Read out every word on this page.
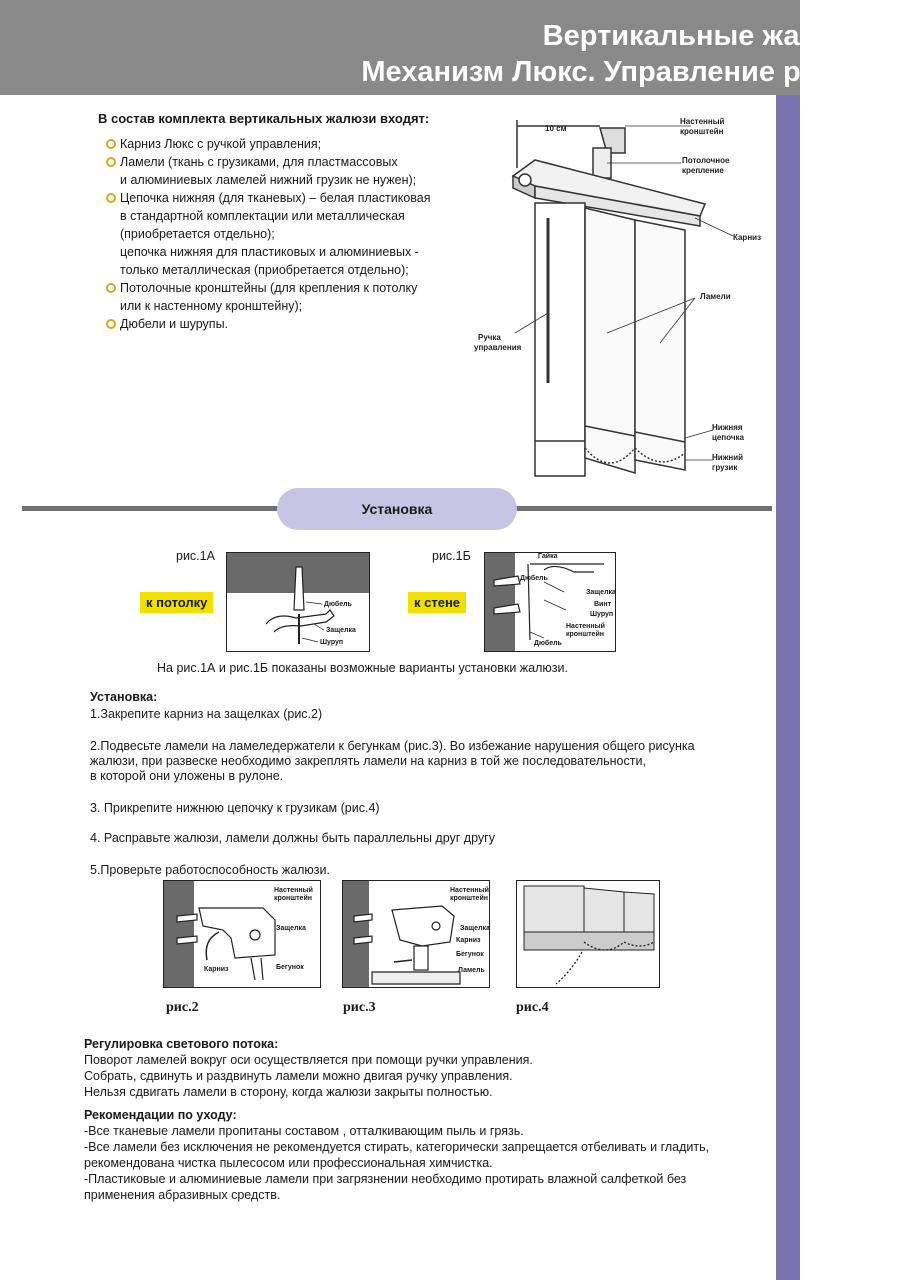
Вертикальные жалюзи.
Механизм Люкс. Управление ручкой
В состав комплекта вертикальных жалюзи входят:
Карниз Люкс с ручкой управления;
Ламели (ткань с грузиками, для пластмассовых
и алюминиевых ламелей нижний грузик не нужен);
Цепочка нижняя (для тканевых) – белая пластиковая
в стандартной комплектации или металлическая
(приобретается отдельно);
цепочка нижняя для пластиковых и алюминиевых -
только металлическая (приобретается отдельно);
Потолочные кронштейны (для крепления к потолку
или к настенному кронштейну);
Дюбели и шурупы.
10 см
Настенный
кронштейн
Потолочное
крепление
Карниз
Ламели
Ручка
управления
Нижняя
цепочка
Нижний
грузик
Установка
рис.1А
Дюбель
Защелка
Шуруп
к потолку
рис.1Б	Гайка
Дюбель
Защелка
Винт
Шуруп
Настенный
кронштейн
Дюбель
к стене
На рис.1А и рис.1Б показаны возможные варианты установки жалюзи.
Установка:
1.Закрепите карниз на защелках (рис.2)
2.Подвесьте ламели на ламеледержатели к бегункам (рис.3). Во избежание нарушения общего рисунка
жалюзи, при развеске необходимо закреплять ламели на карниз в той же последовательности,
в которой они уложены в рулоне.
3. Прикрепите нижнюю цепочку к грузикам (рис.4)
4. Расправьте жалюзи, ламели должны быть параллельны друг другу
5.Проверьте работоспособность жалюзи.
Настенный
кронштейн
Защелка
Карниз	Бегунок
рис.2
Настенный
кронштейн
Защелка
Карниз
Бегунок
Ламель
рис.3	рис.4
Регулировка светового потока:
Поворот ламелей вокруг оси осуществляется при помощи ручки управления.
Собрать, сдвинуть и раздвинуть ламели можно двигая ручку управления.
Нельзя сдвигать ламели в сторону, когда жалюзи закрыты полностью.
Рекомендации по уходу:
-Все тканевые ламели пропитаны составом , отталкивающим пыль и грязь.
-Все ламели без исключения не рекомендуется стирать, категорически запрещается отбеливать и гладить,
рекомендована чистка пылесосом или профессиональная химчистка.
-Пластиковые и алюминиевые ламели при загрязнении необходимо протирать влажной салфеткой без
применения абразивных средств.
